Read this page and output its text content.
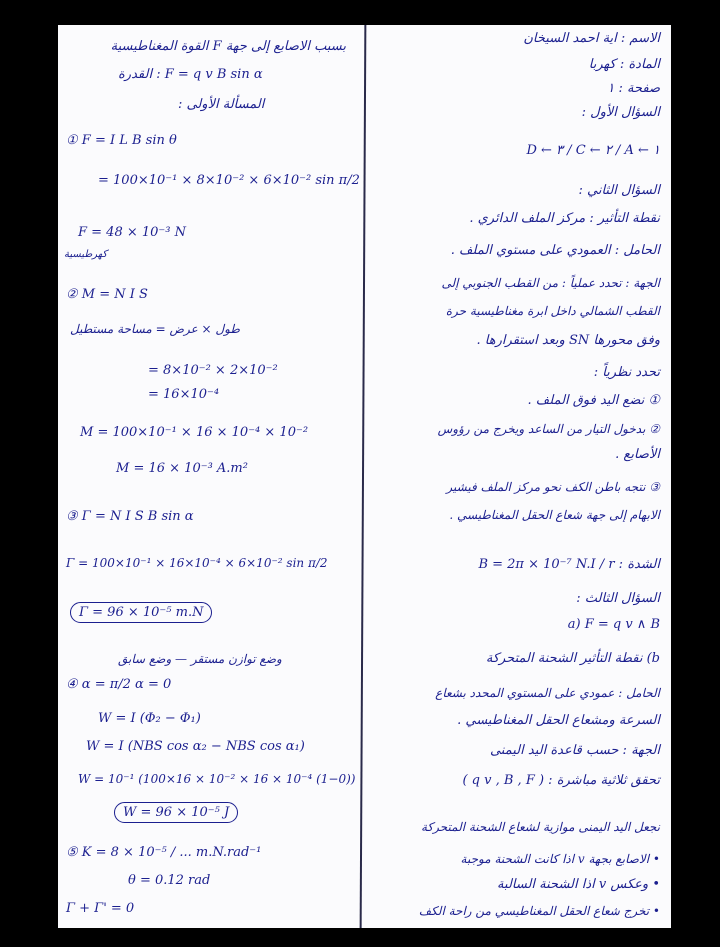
بسبب الاصابع إلى جهة F القوة المغناطيسية
القدرة : F = q v B sin α
المسألة الأولى :
① F = I L B sin θ
= 100×10⁻¹ × 8×10⁻² × 6×10⁻² sin π/2
F = 48 × 10⁻³ N
كهرطيسية
② M = N I S
طول × عرض = مساحة مستطيل
= 8×10⁻² × 2×10⁻²
= 16×10⁻⁴
M = 100×10⁻¹ × 16 × 10⁻⁴ × 10⁻²
M = 16 × 10⁻³ A.m²
③ Γ = N I S B sin α
Γ = 100×10⁻¹ × 16×10⁻⁴ × 6×10⁻² sin π/2
Γ = 96 × 10⁻⁵ m.N
وضع توازن مستقر — وضع سابق
④ α = π/2 α = 0
W = I (Φ₂ − Φ₁)
W = I (NBS cos α₂ − NBS cos α₁)
W = 10⁻¹ (100×16 × 10⁻² × 16 × 10⁻⁴ (1−0))
W = 96 × 10⁻⁵ J
⑤ K = 8 × 10⁻⁵ / ... m.N.rad⁻¹
θ = 0.12 rad
Γ + Γ' = 0
الاسم : اية احمد السيخان
المادة : كهربا
صفحة : ١
السؤال الأول :
١ ← A / ٢ ← C / ٣ ← D
السؤال الثاني :
نقطة التأثير : مركز الملف الدائري .
الحامل : العمودي على مستوي الملف .
الجهة : تحدد عملياً : من القطب الجنوبي إلى
القطب الشمالي داخل ابرة مغناطيسية حرة
وفق محورها SN وبعد استقرارها .
تحدد نظرياً :
① نضع اليد فوق الملف .
② بدخول التيار من الساعد ويخرج من رؤوس
الأصابع .
③ نتجه باطن الكف نحو مركز الملف فيشير
الابهام إلى جهة شعاع الحقل المغناطيسي .
الشدة : B = 2π × 10⁻⁷ N.I / r
السؤال الثالث :
a) F = q v ∧ B
b) نقطة التأثير الشحنة المتحركة
الحامل : عمودي على المستوي المحدد بشعاع
السرعة ومشعاع الحقل المغناطيسي .
الجهة : حسب قاعدة اليد اليمنى
تحقق ثلاثية مباشرة : ( q v , B , F )
نجعل اليد اليمنى موازية لشعاع الشحنة المتحركة
• الاصابع بجهة v اذا كانت الشحنة موجبة
• وعكس v اذا الشحنة السالبة
• تخرج شعاع الحقل المغناطيسي من راحة الكف
